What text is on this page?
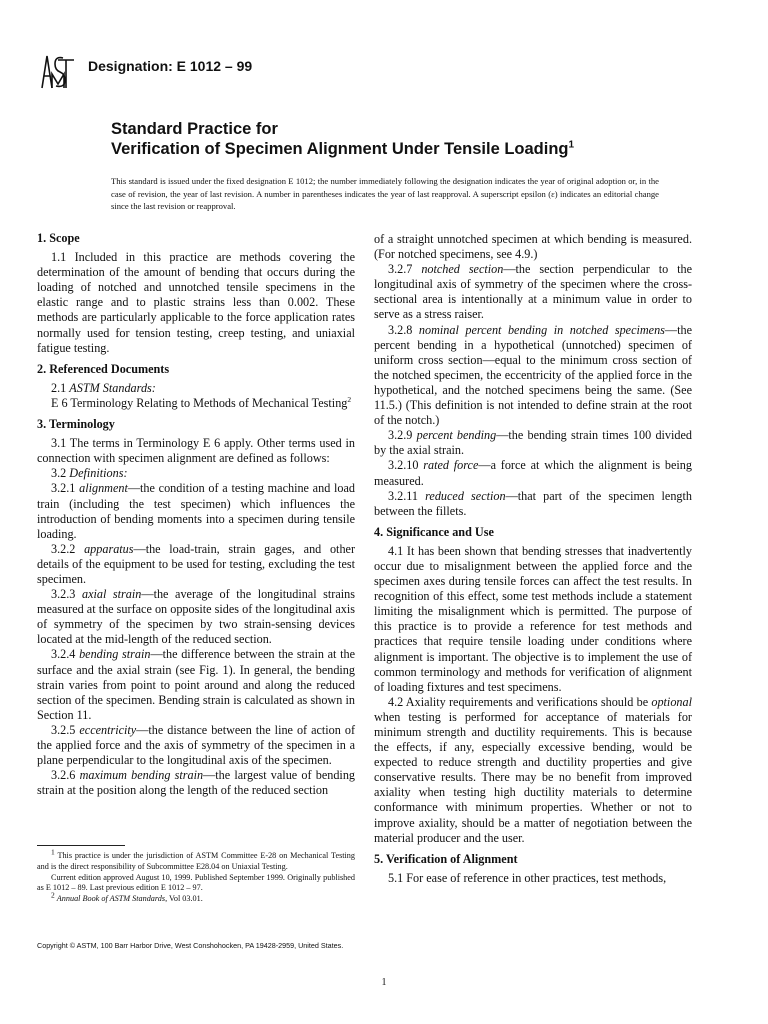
Designation: E 1012 – 99
Standard Practice for
Verification of Specimen Alignment Under Tensile Loading$^1$
This standard is issued under the fixed designation E 1012; the number immediately following the designation indicates the year of original adoption or, in the case of revision, the year of last revision. A number in parentheses indicates the year of last reapproval. A superscript epsilon (ε) indicates an editorial change since the last revision or reapproval.

1. Scope

1.1 Included in this practice are methods covering the determination of the amount of bending that occurs during the loading of notched and unnotched tensile specimens in the elastic range and to plastic strains less than 0.002. These methods are particularly applicable to the force application rates normally used for tension testing, creep testing, and uniaxial fatigue testing.

2. Referenced Documents

2.1 ASTM Standards:

E 6 Terminology Relating to Methods of Mechanical Testing$^2$

3. Terminology

3.1 The terms in Terminology E 6 apply. Other terms used in connection with specimen alignment are defined as follows:

3.2 Definitions:

3.2.1 alignment—the condition of a testing machine and load train (including the test specimen) which influences the introduction of bending moments into a specimen during tensile loading.

3.2.2 apparatus—the load-train, strain gages, and other details of the equipment to be used for testing, excluding the test specimen.

3.2.3 axial strain—the average of the longitudinal strains measured at the surface on opposite sides of the longitudinal axis of symmetry of the specimen by two strain-sensing devices located at the mid-length of the reduced section.

3.2.4 bending strain—the difference between the strain at the surface and the axial strain (see Fig. 1). In general, the bending strain varies from point to point around and along the reduced section of the specimen. Bending strain is calculated as shown in Section 11.

3.2.5 eccentricity—the distance between the line of action of the applied force and the axis of symmetry of the specimen in a plane perpendicular to the longitudinal axis of the specimen.

3.2.6 maximum bending strain—the largest value of bending strain at the position along the length of the reduced section

of a straight unnotched specimen at which bending is measured. (For notched specimens, see 4.9.)

3.2.7 notched section—the section perpendicular to the longitudinal axis of symmetry of the specimen where the cross-sectional area is intentionally at a minimum value in order to serve as a stress raiser.

3.2.8 nominal percent bending in notched specimens—the percent bending in a hypothetical (unnotched) specimen of uniform cross section—equal to the minimum cross section of the notched specimen, the eccentricity of the applied force in the hypothetical, and the notched specimens being the same. (See 11.5.) (This definition is not intended to define strain at the root of the notch.)

3.2.9 percent bending—the bending strain times 100 divided by the axial strain.

3.2.10 rated force—a force at which the alignment is being measured.

3.2.11 reduced section—that part of the specimen length between the fillets.

4. Significance and Use

4.1 It has been shown that bending stresses that inadvertently occur due to misalignment between the applied force and the specimen axes during tensile forces can affect the test results. In recognition of this effect, some test methods include a statement limiting the misalignment which is permitted. The purpose of this practice is to provide a reference for test methods and practices that require tensile loading under conditions where alignment is important. The objective is to implement the use of common terminology and methods for verification of alignment of loading fixtures and test specimens.

4.2 Axiality requirements and verifications should be optional when testing is performed for acceptance of materials for minimum strength and ductility requirements. This is because the effects, if any, especially excessive bending, would be expected to reduce strength and ductility properties and give conservative results. There may be no benefit from improved axiality when testing high ductility materials to determine conformance with minimum properties. Whether or not to improve axiality, should be a matter of negotiation between the material producer and the user.

5. Verification of Alignment

5.1 For ease of reference in other practices, test methods,

$^1$ This practice is under the jurisdiction of ASTM Committee E-28 on Mechanical Testing and is the direct responsibility of Subcommittee E28.04 on Uniaxial Testing.

Current edition approved August 10, 1999. Published September 1999. Originally published as E 1012 – 89. Last previous edition E 1012 – 97.

$^2$ Annual Book of ASTM Standards, Vol 03.01.

Copyright © ASTM, 100 Barr Harbor Drive, West Conshohocken, PA 19428-2959, United States.
1
